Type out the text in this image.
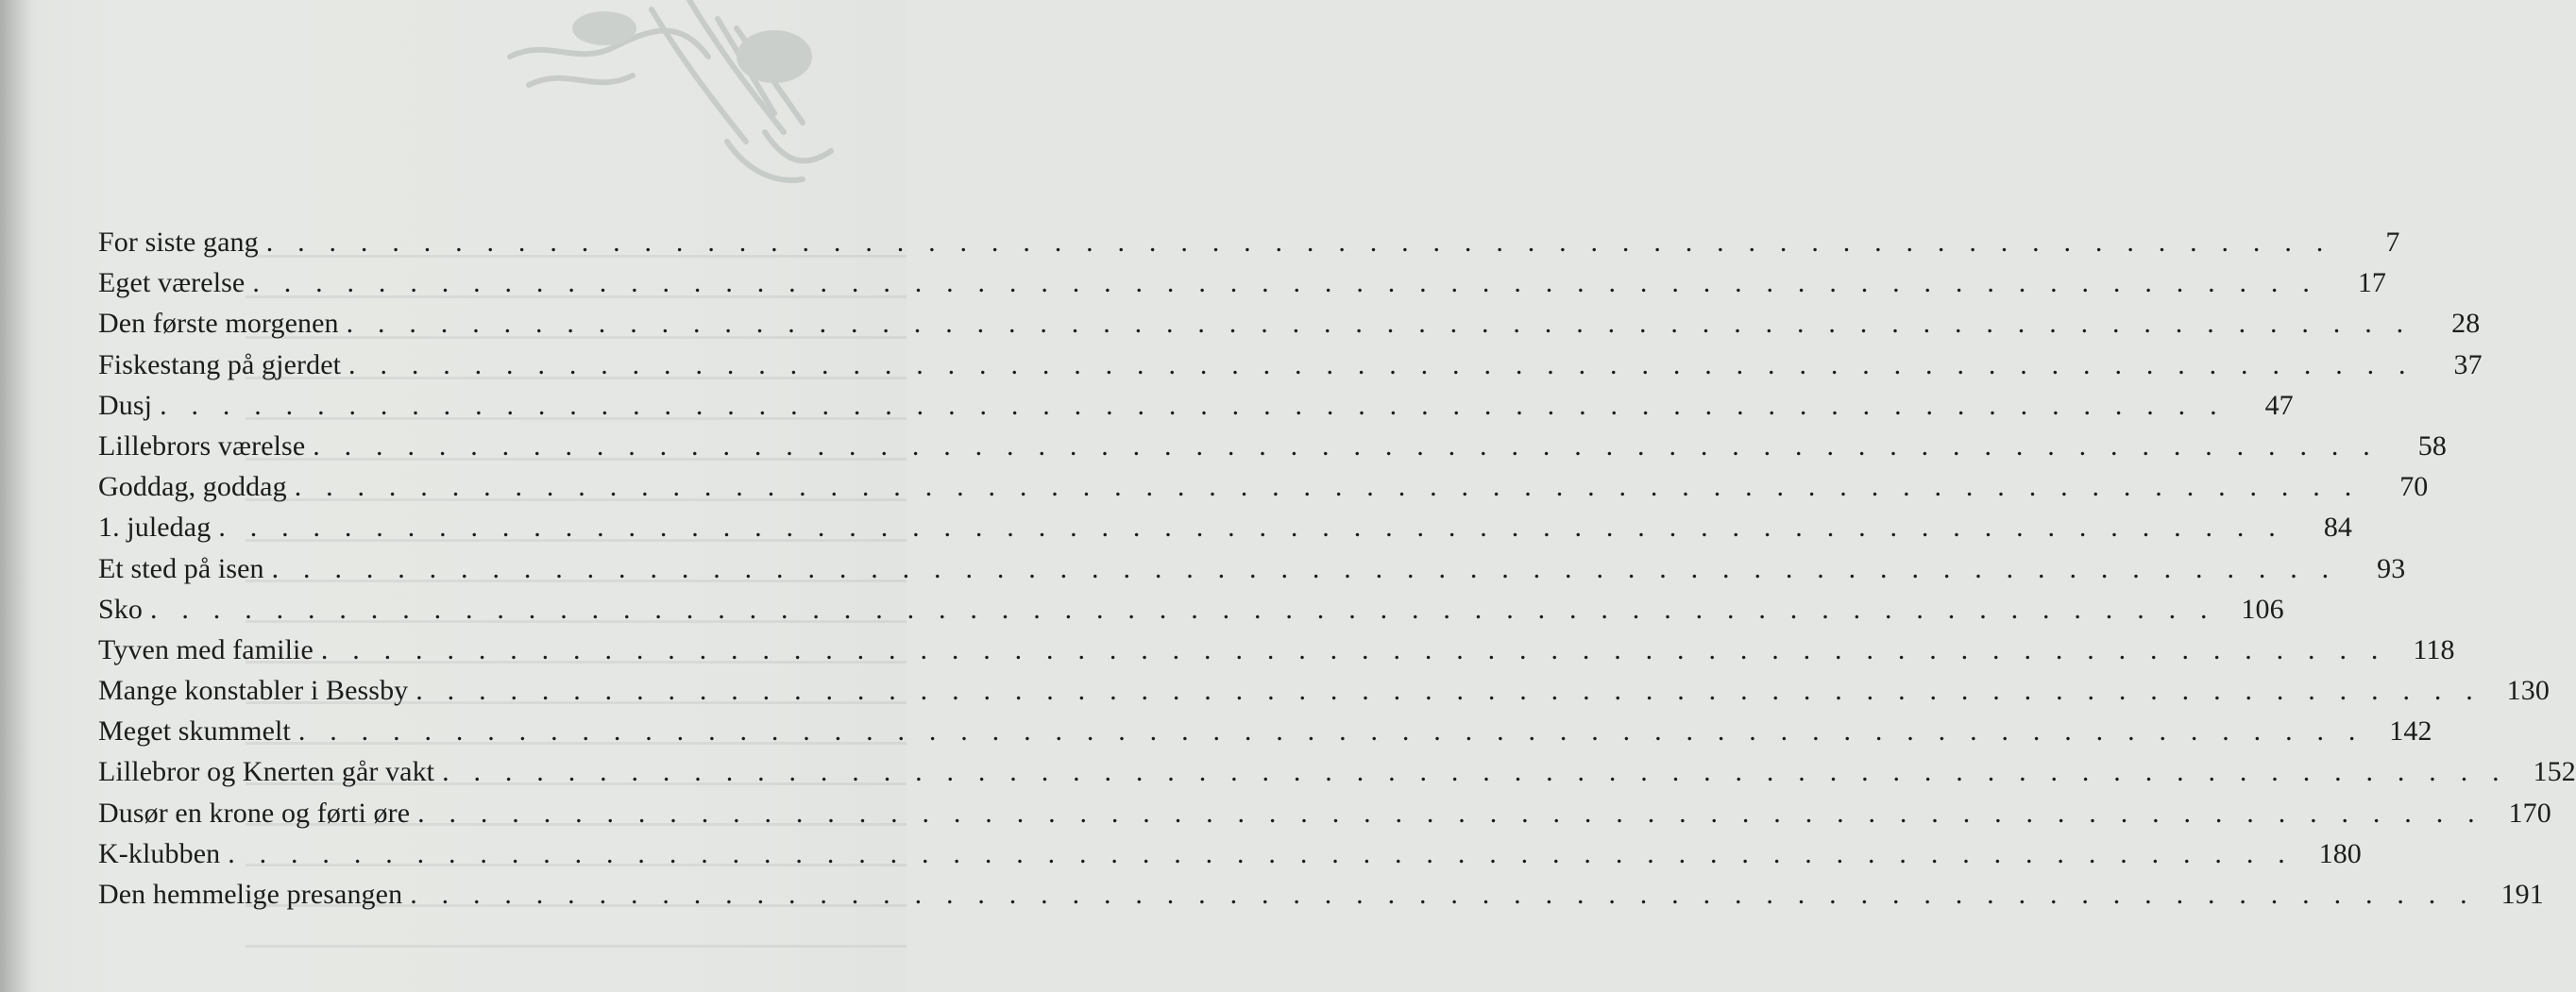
For siste gang . . . . . . . . . . . . . . . . . . . . . . . . . . . . . . . . . . . . . . . . . . . . . . . . . . . . . . . . . . . . . . . . . .	7
Eget værelse . . . . . . . . . . . . . . . . . . . . . . . . . . . . . . . . . . . . . . . . . . . . . . . . . . . . . . . . . . . . . . . . . .	17
Den første morgenen . . . . . . . . . . . . . . . . . . . . . . . . . . . . . . . . . . . . . . . . . . . . . . . . . . . . . . . . . . . . . . . . . .	28
Fiskestang på gjerdet . . . . . . . . . . . . . . . . . . . . . . . . . . . . . . . . . . . . . . . . . . . . . . . . . . . . . . . . . . . . . . . . . .	37
Dusj . . . . . . . . . . . . . . . . . . . . . . . . . . . . . . . . . . . . . . . . . . . . . . . . . . . . . . . . . . . . . . . . . .	47
Lillebrors værelse . . . . . . . . . . . . . . . . . . . . . . . . . . . . . . . . . . . . . . . . . . . . . . . . . . . . . . . . . . . . . . . . . .	58
Goddag, goddag . . . . . . . . . . . . . . . . . . . . . . . . . . . . . . . . . . . . . . . . . . . . . . . . . . . . . . . . . . . . . . . . . .	70
1. juledag . . . . . . . . . . . . . . . . . . . . . . . . . . . . . . . . . . . . . . . . . . . . . . . . . . . . . . . . . . . . . . . . . .	84
Et sted på isen . . . . . . . . . . . . . . . . . . . . . . . . . . . . . . . . . . . . . . . . . . . . . . . . . . . . . . . . . . . . . . . . . .	93
Sko . . . . . . . . . . . . . . . . . . . . . . . . . . . . . . . . . . . . . . . . . . . . . . . . . . . . . . . . . . . . . . . . . . 106
Tyven med familie . . . . . . . . . . . . . . . . . . . . . . . . . . . . . . . . . . . . . . . . . . . . . . . . . . . . . . . . . . . . . . . . . . 118
Mange konstabler i Bessby . . . . . . . . . . . . . . . . . . . . . . . . . . . . . . . . . . . . . . . . . . . . . . . . . . . . . . . . . . . . . . . . . . 130
Meget skummelt . . . . . . . . . . . . . . . . . . . . . . . . . . . . . . . . . . . . . . . . . . . . . . . . . . . . . . . . . . . . . . . . . . 142
Lillebror og Knerten går vakt . . . . . . . . . . . . . . . . . . . . . . . . . . . . . . . . . . . . . . . . . . . . . . . . . . . . . . . . . . . . . . . . . . 152
Dusør en krone og førti øre . . . . . . . . . . . . . . . . . . . . . . . . . . . . . . . . . . . . . . . . . . . . . . . . . . . . . . . . . . . . . . . . . . 170
K-klubben . . . . . . . . . . . . . . . . . . . . . . . . . . . . . . . . . . . . . . . . . . . . . . . . . . . . . . . . . . . . . . . . . . 180
Den hemmelige presangen . . . . . . . . . . . . . . . . . . . . . . . . . . . . . . . . . . . . . . . . . . . . . . . . . . . . . . . . . . . . . . . . . . 191
